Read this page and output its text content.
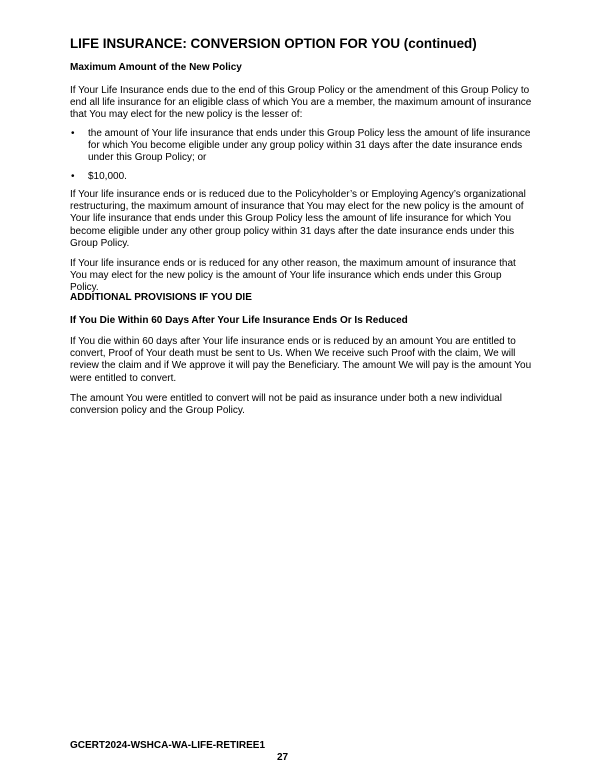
LIFE INSURANCE: CONVERSION OPTION FOR YOU (continued)

Maximum Amount of the New Policy

If Your Life Insurance ends due to the end of this Group Policy or the amendment of this Group Policy to end all life insurance for an eligible class of which You are a member, the maximum amount of insurance that You may elect for the new policy is the lesser of:

• the amount of Your life insurance that ends under this Group Policy less the amount of life insurance for which You become eligible under any group policy within 31 days after the date insurance ends under this Group Policy; or
• $10,000.

If Your life insurance ends or is reduced due to the Policyholder’s or Employing Agency’s organizational restructuring, the maximum amount of insurance that You may elect for the new policy is the amount of Your life insurance that ends under this Group Policy less the amount of life insurance for which You become eligible under any other group policy within 31 days after the date insurance ends under this Group Policy.

If Your life insurance ends or is reduced for any other reason, the maximum amount of insurance that You may elect for the new policy is the amount of Your life insurance which ends under this Group Policy.

ADDITIONAL PROVISIONS IF YOU DIE

If You Die Within 60 Days After Your Life Insurance Ends Or Is Reduced

If You die within 60 days after Your life insurance ends or is reduced by an amount You are entitled to convert, Proof of Your death must be sent to Us. When We receive such Proof with the claim, We will review the claim and if We approve it will pay the Beneficiary. The amount We will pay is the amount You were entitled to convert.

The amount You were entitled to convert will not be paid as insurance under both a new individual conversion policy and the Group Policy.

GCERT2024-WSHCA-WA-LIFE-RETIREE1
27
